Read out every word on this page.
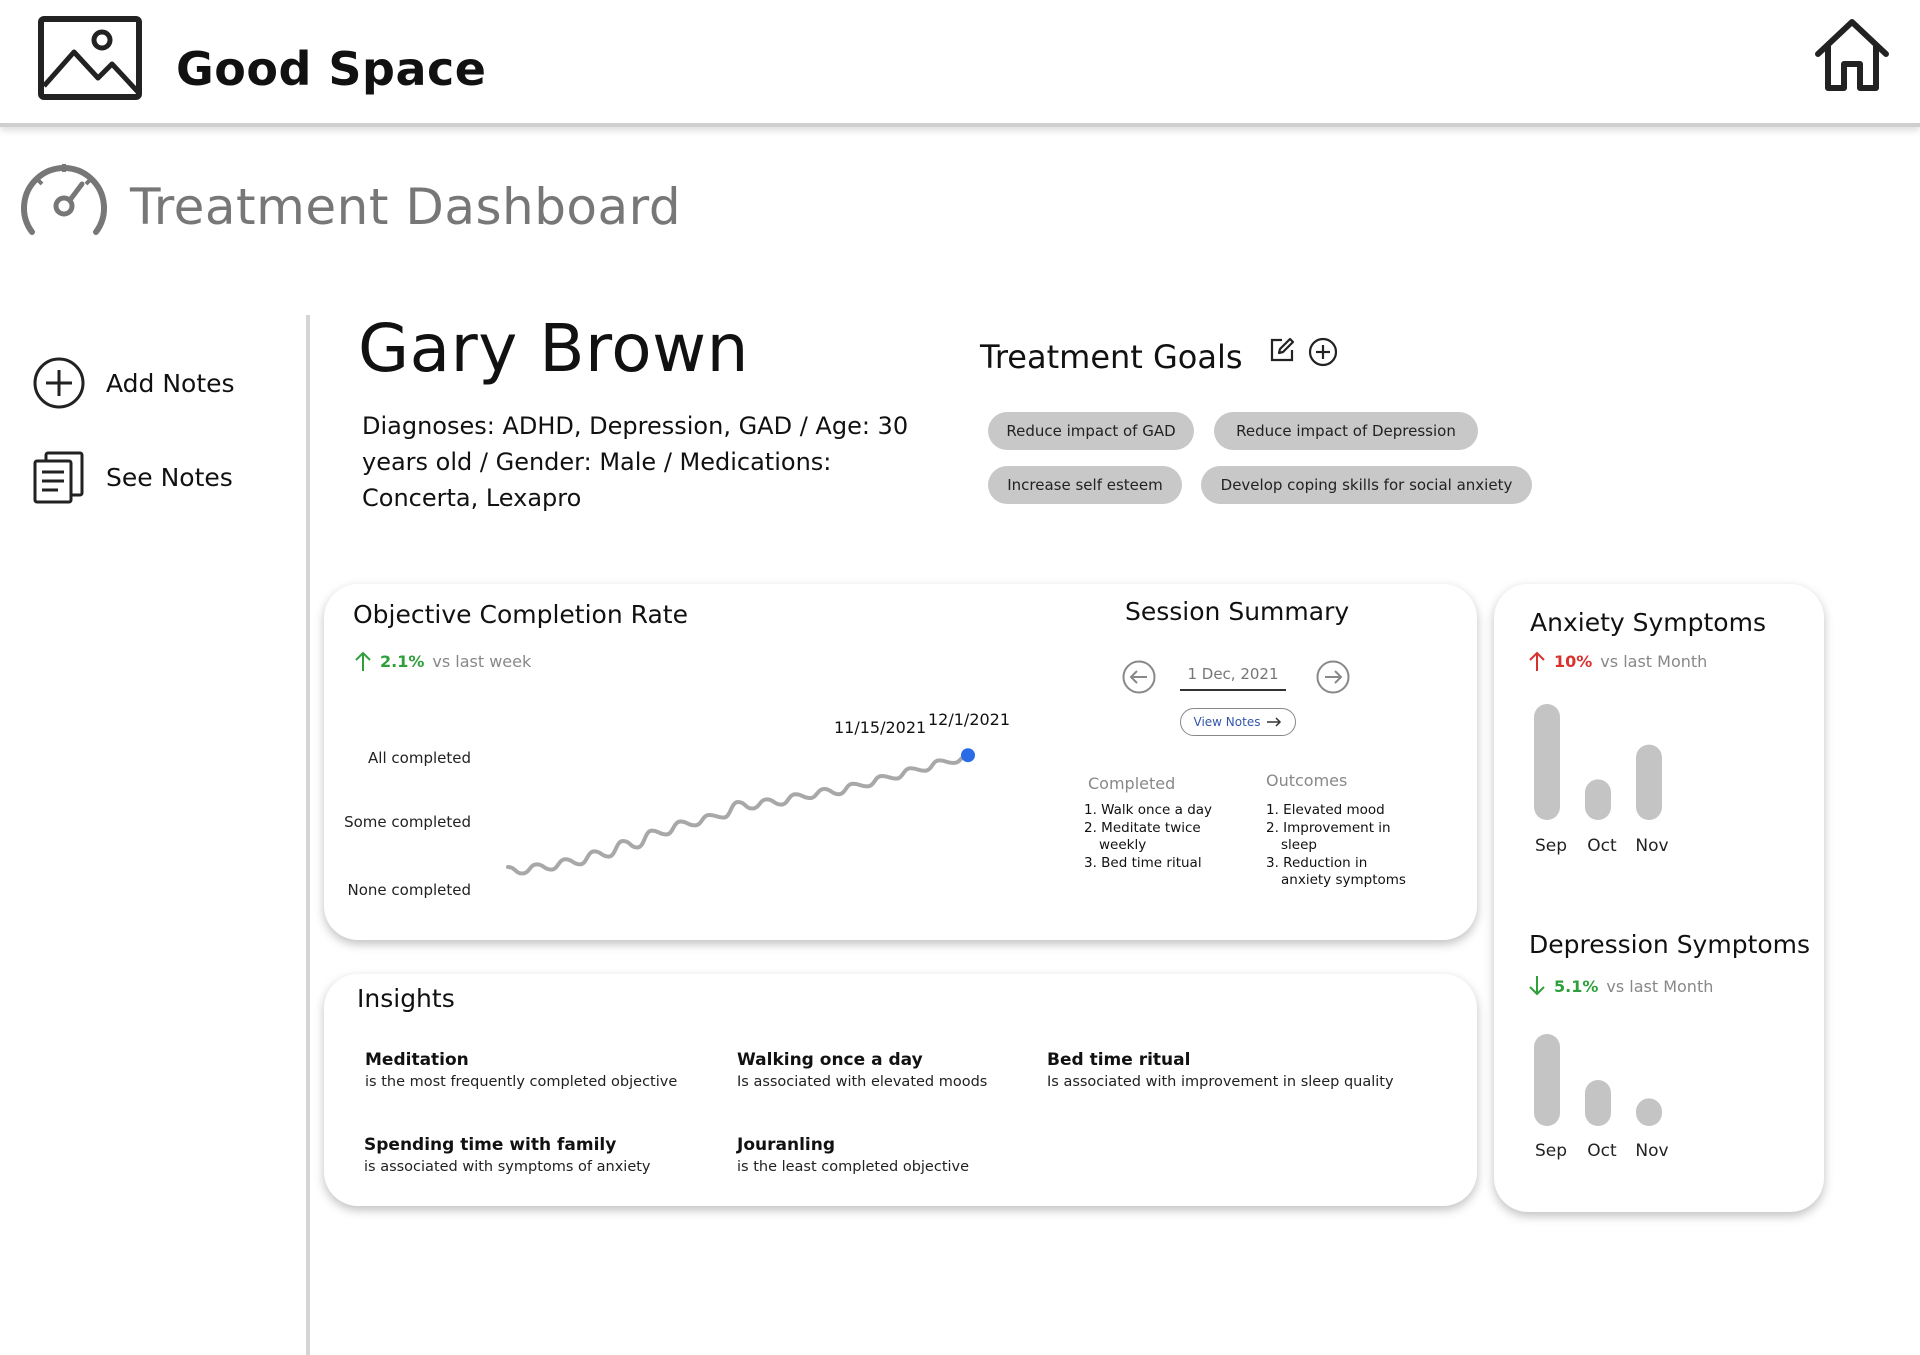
Good Space
Treatment Dashboard
Add Notes
See Notes
Gary Brown
Diagnoses: ADHD, Depression, GAD / Age: 30 years old / Gender: Male / Medications: Concerta, Lexapro
Treatment Goals
Reduce impact of GAD	Reduce impact of Depression
Increase self esteem	Develop coping skills for social anxiety
Objective Completion Rate
2.1% vs last week
All completed
Some completed
None completed
11/15/2021 12/1/2021
Session Summary
1 Dec, 2021
View Notes
Completed
1. Walk once a day
2. Meditate twice
weekly
3. Bed time ritual
Outcomes
1. Elevated mood
2. Improvement in
sleep
3. Reduction in
anxiety symptoms
Insights
Meditation
is the most frequently completed objective
Walking once a day
Is associated with elevated moods
Bed time ritual
Is associated with improvement in sleep quality
Spending time with family
is associated with symptoms of anxiety
Jouranling
is the least completed objective
Anxiety Symptoms
10% vs last Month
Sep	Oct	Nov
Depression Symptoms
5.1% vs last Month
Sep	Oct	Nov
